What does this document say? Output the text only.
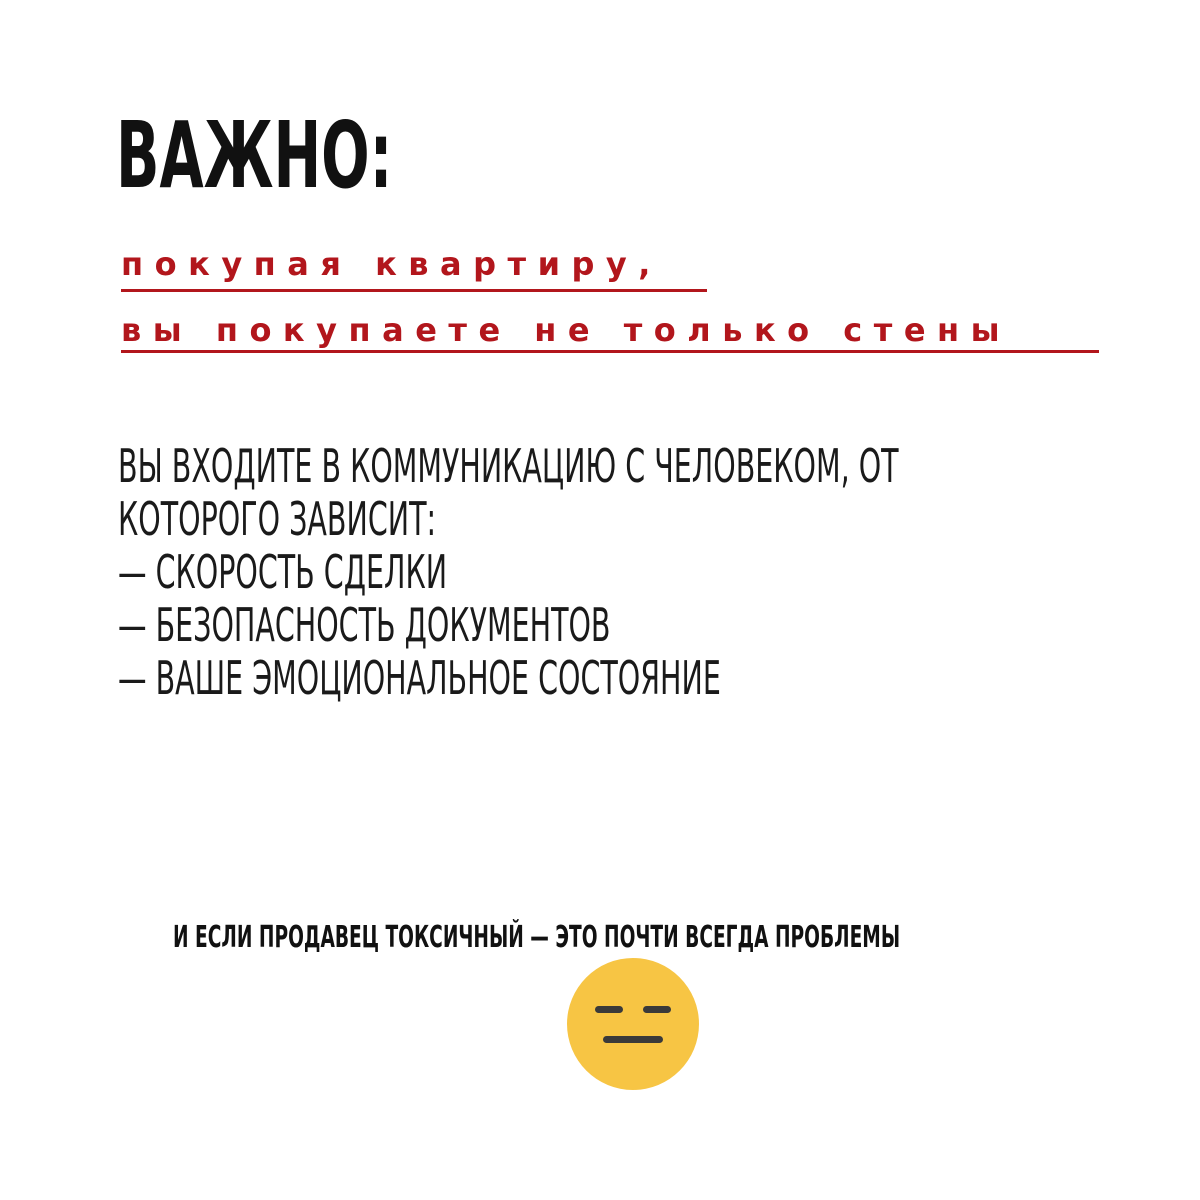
ВАЖНО:
покупая квартиру,
вы покупаете не только стены
ВЫ ВХОДИТЕ В КОММУНИКАЦИЮ С ЧЕЛОВЕКОМ, ОТ
КОТОРОГО ЗАВИСИТ:
— СКОРОСТЬ СДЕЛКИ
— БЕЗОПАСНОСТЬ ДОКУМЕНТОВ
— ВАШЕ ЭМОЦИОНАЛЬНОЕ СОСТОЯНИЕ
И ЕСЛИ ПРОДАВЕЦ ТОКСИЧНЫЙ — ЭТО ПОЧТИ ВСЕГДА ПРОБЛЕМЫ
